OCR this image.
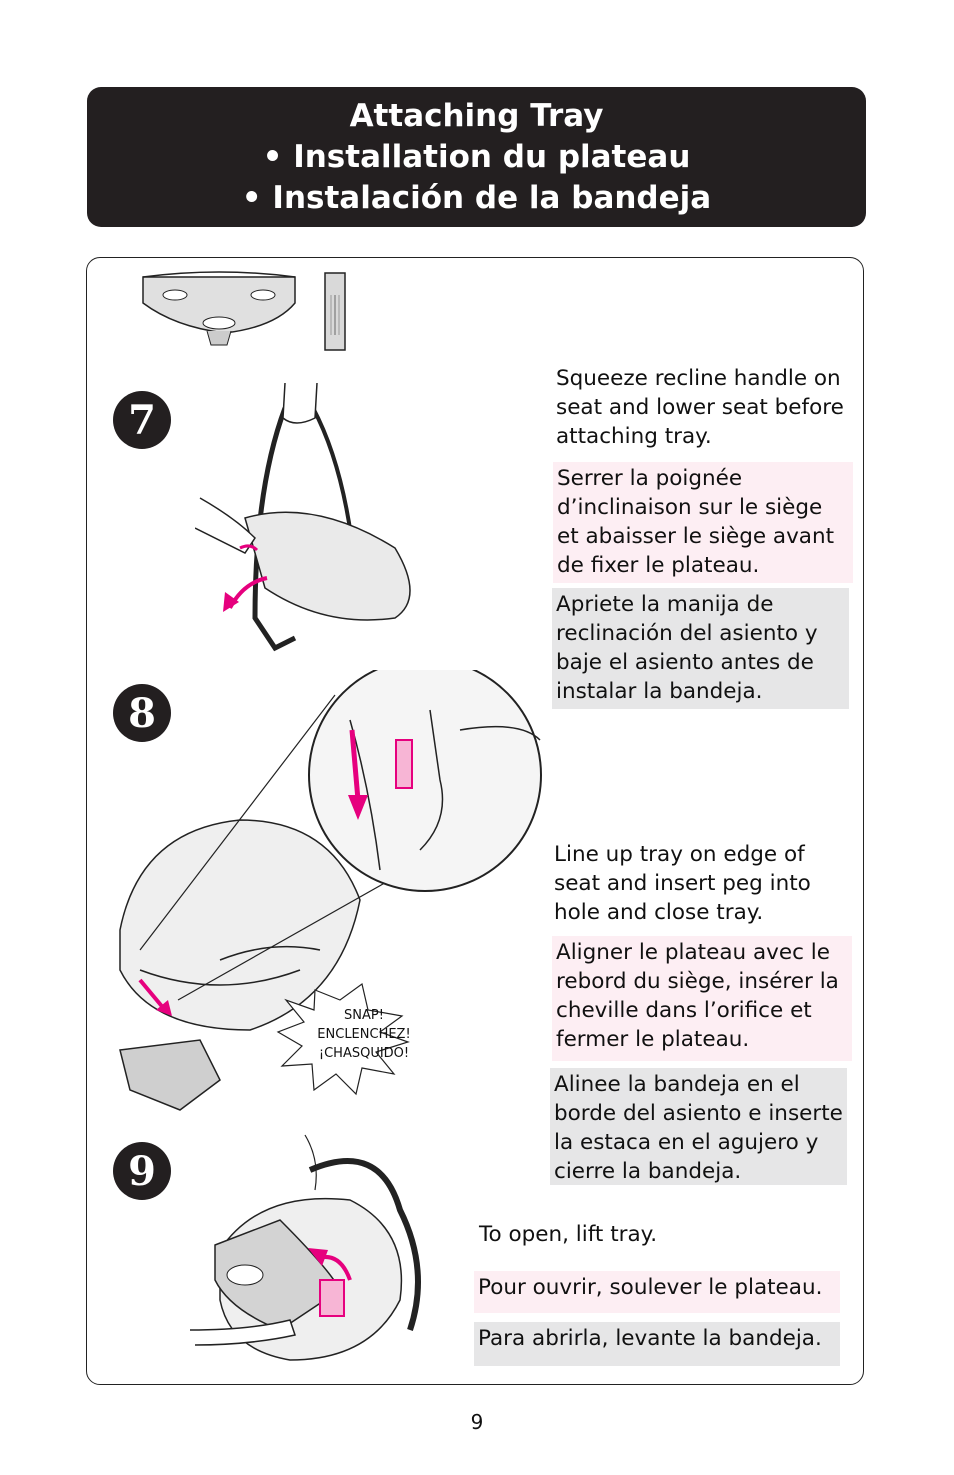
Attaching Tray
• Installation du plateau
• Instalación de la bandeja
7
Squeeze recline handle on seat and lower seat before attaching tray.
Serrer la poignée d’inclinaison sur le siège et abaisser le siège avant de fixer le plateau.
Apriete la manija de reclinación del asiento y baje el asiento antes de instalar la bandeja.
8
SNAP!
ENCLENCHEZ!
¡CHASQUIDO!
Line up tray on edge of seat and insert peg into hole and close tray.
Aligner le plateau avec le rebord du siège, insérer la cheville dans l’orifice et fermer le plateau.
Alinee la bandeja en el borde del asiento e inserte la estaca en el agujero y cierre la bandeja.
9
To open, lift tray.
Pour ouvrir, soulever le plateau.
Para abrirla, levante la bandeja.
9
